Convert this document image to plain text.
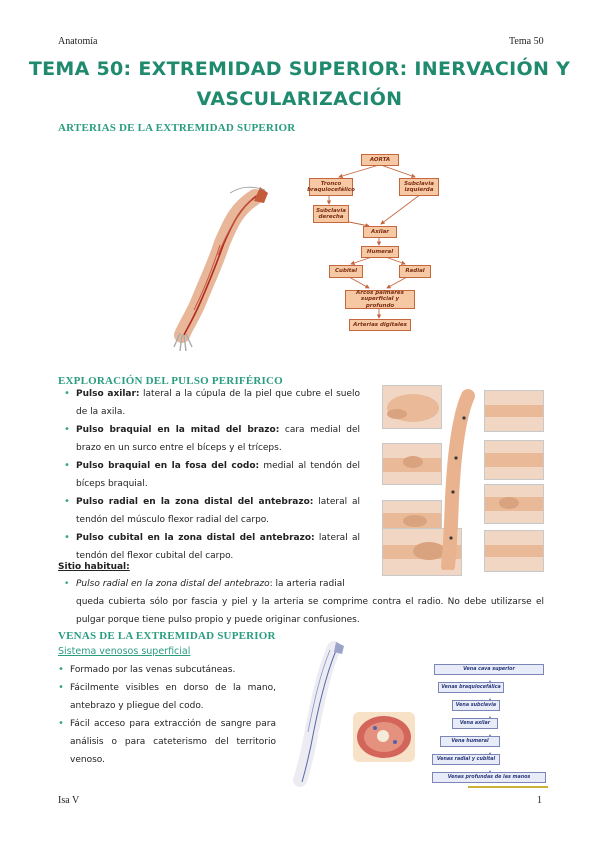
Anatomía	Tema 50
TEMA 50: EXTREMIDAD SUPERIOR: INERVACIÓN Y
VASCULARIZACIÓN
ARTERIAS DE LA EXTREMIDAD SUPERIOR
AORTA
Tronco braquiocefálico
Subclavia izquierda
Subclavia derecha
Axilar
Humeral
Cubital	Radial
Arcos palmares superficial y profundo
Arterias digitales
EXPLORACIÓN DEL PULSO PERIFÉRICO
• Pulso axilar: lateral a la cúpula de la piel que cubre el suelo de la axila.
• Pulso braquial en la mitad del brazo: cara medial del brazo en un surco entre el bíceps y el tríceps.
• Pulso braquial en la fosa del codo: medial al tendón del bíceps braquial.
• Pulso radial en la zona distal del antebrazo: lateral al tendón del músculo flexor radial del carpo.
• Pulso cubital en la zona distal del antebrazo: lateral al tendón del flexor cubital del carpo.
Sitio habitual:
• Pulso radial en la zona distal del antebrazo: la arteria radial
queda cubierta sólo por fascia y piel y la arteria se comprime contra el radio. No debe utilizarse el pulgar porque tiene pulso propio y puede originar confusiones.
VENAS DE LA EXTREMIDAD SUPERIOR
Sistema venosos superficial
• Formado por las venas subcutáneas.
• Fácilmente visibles en dorso de la mano, antebrazo y pliegue del codo.
• Fácil acceso para extracción de sangre para análisis o para cateterismo del territorio venoso.
Vena cava superior
Venas braquiocefálica
Vena subclavia
Vena axilar
Vena humeral
Venas radial y cubital
Venas profundas de las manos
Isa V	1
